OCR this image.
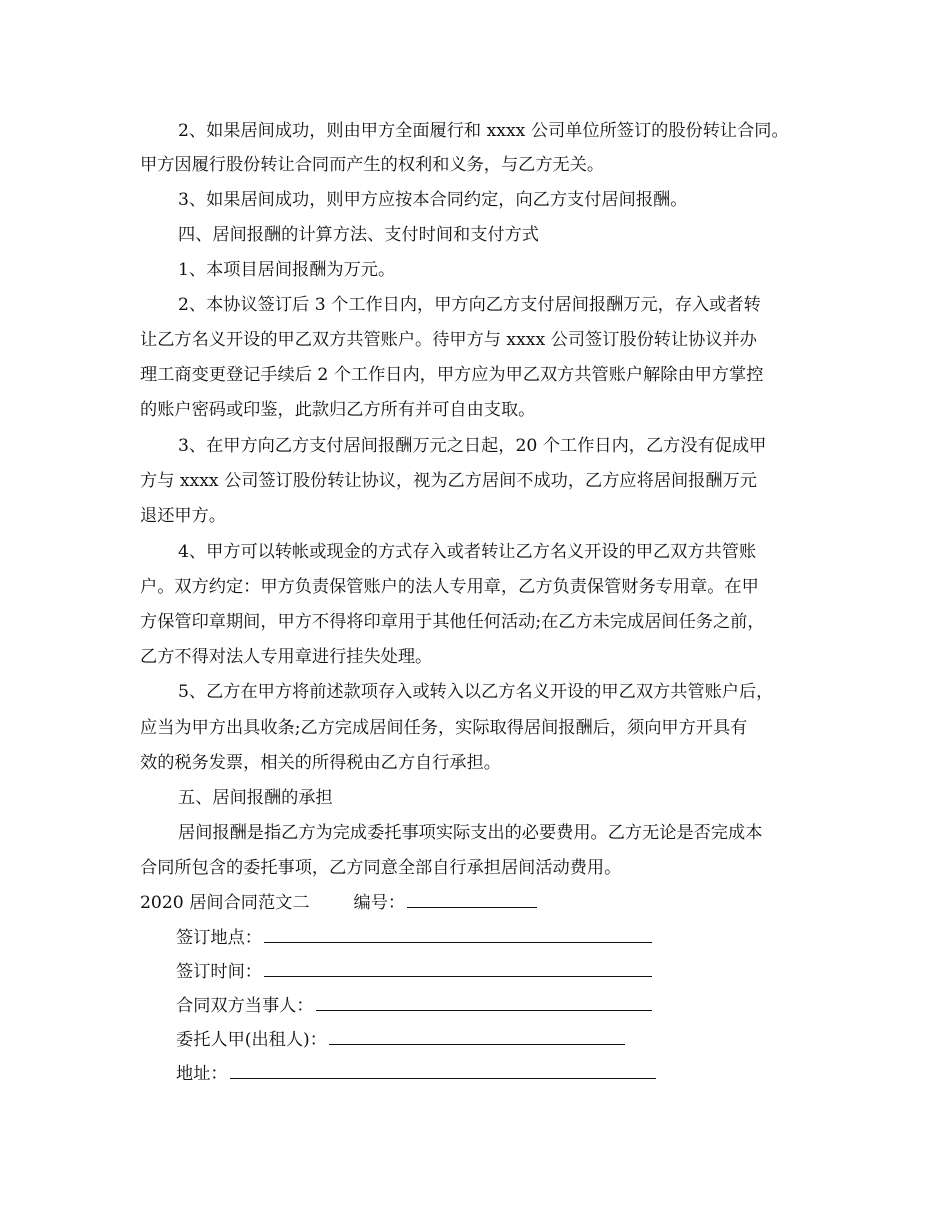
2、如果居间成功，则由甲方全面履行和 xxxx 公司单位所签订的股份转让合同。
甲方因履行股份转让合同而产生的权利和义务，与乙方无关。
3、如果居间成功，则甲方应按本合同约定，向乙方支付居间报酬。
四、居间报酬的计算方法、支付时间和支付方式
1、本项目居间报酬为万元。
2、本协议签订后 3 个工作日内，甲方向乙方支付居间报酬万元，存入或者转
让乙方名义开设的甲乙双方共管账户。待甲方与 xxxx 公司签订股份转让协议并办
理工商变更登记手续后 2 个工作日内，甲方应为甲乙双方共管账户解除由甲方掌控
的账户密码或印鉴，此款归乙方所有并可自由支取。
3、在甲方向乙方支付居间报酬万元之日起，20 个工作日内，乙方没有促成甲
方与 xxxx 公司签订股份转让协议，视为乙方居间不成功，乙方应将居间报酬万元
退还甲方。
4、甲方可以转帐或现金的方式存入或者转让乙方名义开设的甲乙双方共管账
户。双方约定：甲方负责保管账户的法人专用章，乙方负责保管财务专用章。在甲
方保管印章期间，甲方不得将印章用于其他任何活动;在乙方未完成居间任务之前，
乙方不得对法人专用章进行挂失处理。
5、乙方在甲方将前述款项存入或转入以乙方名义开设的甲乙双方共管账户后，
应当为甲方出具收条;乙方完成居间任务，实际取得居间报酬后，须向甲方开具有
效的税务发票，相关的所得税由乙方自行承担。
五、居间报酬的承担
居间报酬是指乙方为完成委托事项实际支出的必要费用。乙方无论是否完成本
合同所包含的委托事项，乙方同意全部自行承担居间活动费用。
2020 居间合同范文二	编号：
签订地点：
签订时间：
合同双方当事人：
委托人甲(出租人)：
地址：
